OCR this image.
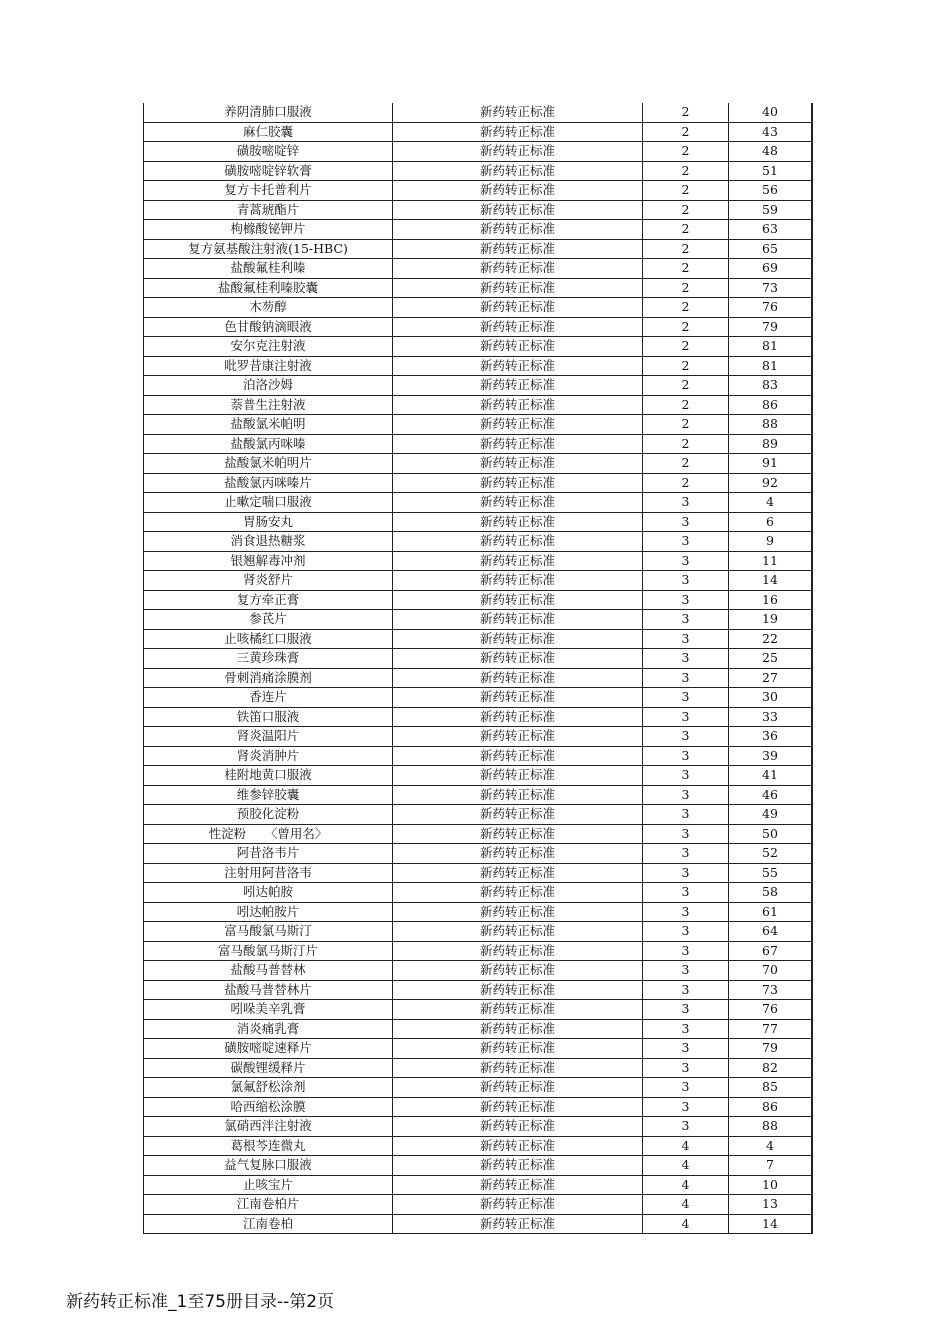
养阴清肺口服液	新药转正标准	2	40
麻仁胶囊	新药转正标准	2	43
磺胺嘧啶锌	新药转正标准	2	48
磺胺嘧啶锌软膏	新药转正标准	2	51
复方卡托普利片	新药转正标准	2	56
青蒿琥酯片	新药转正标准	2	59
枸橼酸铋钾片	新药转正标准	2	63
复方氨基酸注射液(15-HBC)	新药转正标准	2	65
盐酸氟桂利嗪	新药转正标准	2	69
盐酸氟桂利嗪胶囊	新药转正标准	2	73
木芴醇	新药转正标准	2	76
色甘酸钠滴眼液	新药转正标准	2	79
安尔克注射液	新药转正标准	2	81
吡罗昔康注射液	新药转正标准	2	81
泊洛沙姆	新药转正标准	2	83
萘普生注射液	新药转正标准	2	86
盐酸氯米帕明	新药转正标准	2	88
盐酸氯丙咪嗪	新药转正标准	2	89
盐酸氯米帕明片	新药转正标准	2	91
盐酸氯丙咪嗪片	新药转正标准	2	92
止嗽定喘口服液	新药转正标准	3	4
胃肠安丸	新药转正标准	3	6
消食退热糖浆	新药转正标准	3	9
银翘解毒冲剂	新药转正标准	3	11
肾炎舒片	新药转正标准	3	14
复方牵正膏	新药转正标准	3	16
参芪片	新药转正标准	3	19
止咳橘红口服液	新药转正标准	3	22
三黄珍珠膏	新药转正标准	3	25
骨刺消痛涂膜剂	新药转正标准	3	27
香连片	新药转正标准	3	30
铁笛口服液	新药转正标准	3	33
肾炎温阳片	新药转正标准	3	36
肾炎消肿片	新药转正标准	3	39
桂附地黄口服液	新药转正标准	3	41
维参锌胶囊	新药转正标准	3	46
预胶化淀粉	新药转正标准	3	49
性淀粉　　〈曾用名〉	新药转正标准	3	50
阿昔洛韦片	新药转正标准	3	52
注射用阿昔洛韦	新药转正标准	3	55
吲达帕胺	新药转正标准	3	58
吲达帕胺片	新药转正标准	3	61
富马酸氯马斯汀	新药转正标准	3	64
富马酸氯马斯汀片	新药转正标准	3	67
盐酸马普替林	新药转正标准	3	70
盐酸马普替林片	新药转正标准	3	73
吲哚美辛乳膏	新药转正标准	3	76
消炎痛乳膏	新药转正标准	3	77
磺胺嘧啶速释片	新药转正标准	3	79
碳酸锂缓释片	新药转正标准	3	82
氯氟舒松涂剂	新药转正标准	3	85
哈西缩松涂膜	新药转正标准	3	86
氯硝西泮注射液	新药转正标准	3	88
葛根芩连微丸	新药转正标准	4	4
益气复脉口服液	新药转正标准	4	7
止咳宝片	新药转正标准	4	10
江南卷柏片	新药转正标准	4	13
江南卷柏	新药转正标准	4	14
新药转正标准_1至75册目录--第2页
